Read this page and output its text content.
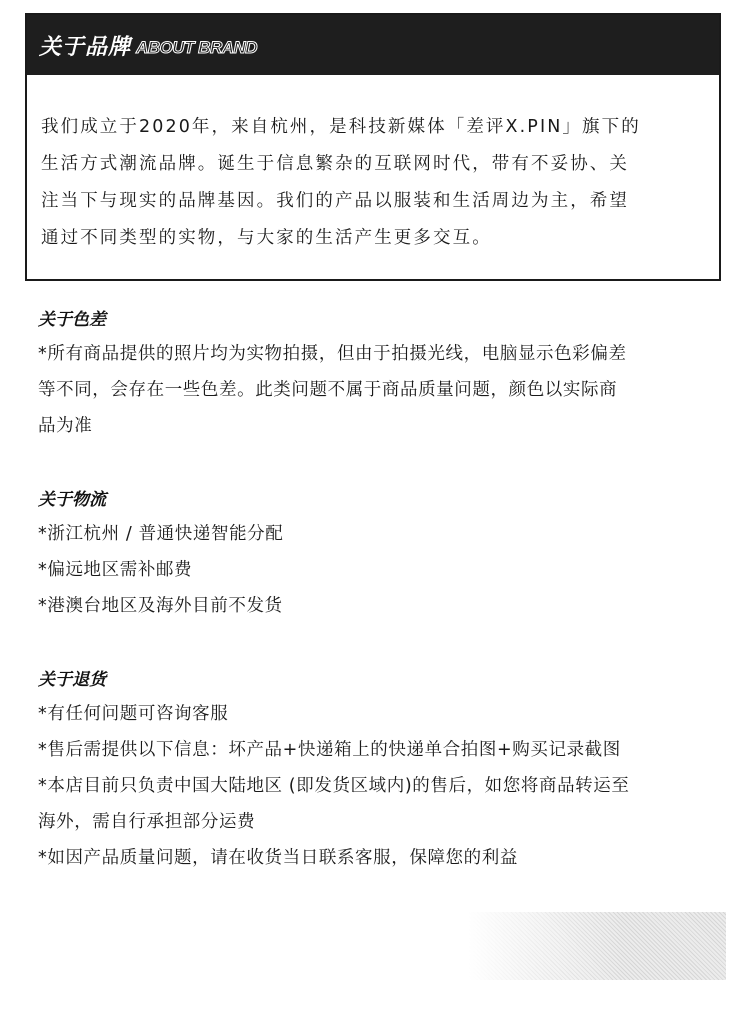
关于品牌 ABOUT BRAND
我们成立于2020年，来自杭州，是科技新媒体「差评X.PIN」旗下的
生活方式潮流品牌。诞生于信息繁杂的互联网时代，带有不妥协、关
注当下与现实的品牌基因。我们的产品以服装和生活周边为主，希望
通过不同类型的实物，与大家的生活产生更多交互。
关于色差
*所有商品提供的照片均为实物拍摄，但由于拍摄光线，电脑显示色彩偏差
等不同，会存在一些色差。此类问题不属于商品质量问题，颜色以实际商
品为准
关于物流
*浙江杭州 / 普通快递智能分配
*偏远地区需补邮费
*港澳台地区及海外目前不发货
关于退货
*有任何问题可咨询客服
*售后需提供以下信息：坏产品+快递箱上的快递单合拍图+购买记录截图
*本店目前只负责中国大陆地区 (即发货区域内)的售后，如您将商品转运至
海外，需自行承担部分运费
*如因产品质量问题，请在收货当日联系客服，保障您的利益
